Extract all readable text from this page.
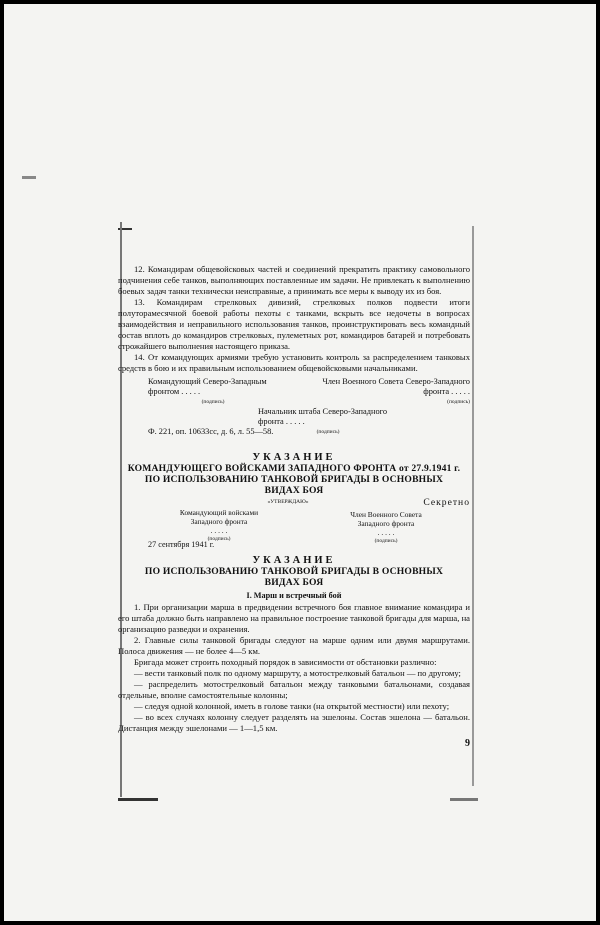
12. Командирам общевойсковых частей и соединений прекратить практику самовольного подчинения себе танков, выполняющих поставленные им задачи. Не привлекать к выполнению боевых задач танки технически неисправные, а принимать все меры к выводу их из боя.

13. Командирам стрелковых дивизий, стрелковых полков подвести итоги полуторамесячной боевой работы пехоты с танками, вскрыть все недочеты в вопросах взаимодействия и неправильного использования танков, проинструктировать весь командный состав вплоть до командиров стрелковых, пулеметных рот, командиров батарей и потребовать строжайшего выполнения настоящего приказа.

14. От командующих армиями требую установить контроль за распределением танковых средств в бою и их правильным использованием общевойсковыми начальниками.

Командующий Северо-Западным фронтом . . . . .
(подпись)
Член Военного Совета Северо-Западного фронта . . . . .
(подпись)
Начальник штаба Северо-Западного фронта . . . . .
(подпись)

Ф. 221, оп. 10633сс, д. 6, л. 55—58.

УКАЗАНИЕ
КОМАНДУЮЩЕГО ВОЙСКАМИ ЗАПАДНОГО ФРОНТА от 27.9.1941 г.
ПО ИСПОЛЬЗОВАНИЮ ТАНКОВОЙ БРИГАДЫ В ОСНОВНЫХ
ВИДАХ БОЯ
«УТВЕРЖДАЮ»	Секретно
Командующий войсками Западного фронта
. . . . .
(подпись)
Член Военного Совета Западного фронта
. . . . .
(подпись)
27 сентября 1941 г.
УКАЗАНИЕ
ПО ИСПОЛЬЗОВАНИЮ ТАНКОВОЙ БРИГАДЫ В ОСНОВНЫХ
ВИДАХ БОЯ
I. Марш и встречный бой

1. При организации марша в предвидении встречного боя главное внимание командира и его штаба должно быть направлено на правильное построение танковой бригады для марша, на организацию разведки и охранения.

2. Главные силы танковой бригады следуют на марше одним или двумя маршрутами. Полоса движения — не более 4—5 км.

Бригада может строить походный порядок в зависимости от обстановки различно:

— вести танковый полк по одному маршруту, а мотострелковый батальон — по другому;

— распределить мотострелковый батальон между танковыми батальонами, создавая отдельные, вполне самостоятельные колонны;

— следуя одной колонной, иметь в голове танки (на открытой местности) или пехоту;

— во всех случаях колонну следует разделять на эшелоны. Состав эшелона — батальон. Дистанция между эшелонами — 1—1,5 км.

9
